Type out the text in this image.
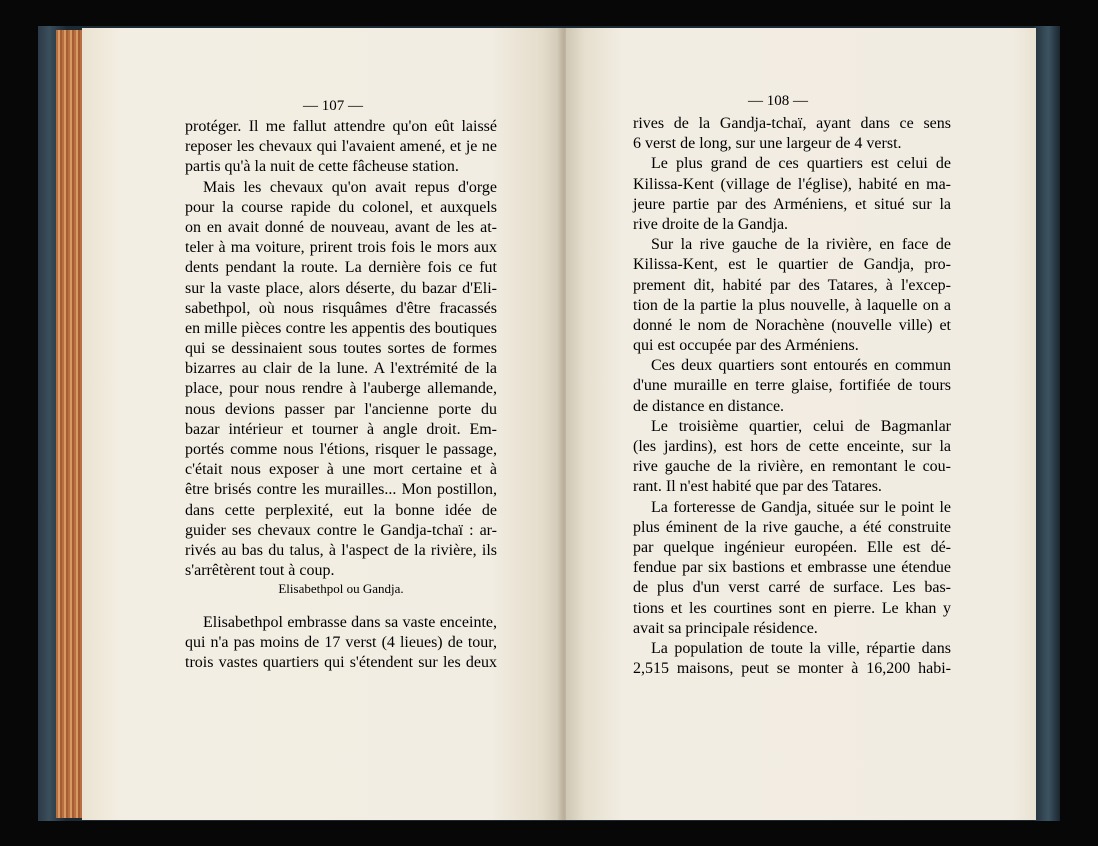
— 107 —
protéger. Il me fallut attendre qu'on eût laissé
reposer les chevaux qui l'avaient amené, et je ne
partis qu'à la nuit de cette fâcheuse station.
Mais les chevaux qu'on avait repus d'orge
pour la course rapide du colonel, et auxquels
on en avait donné de nouveau, avant de les at-
teler à ma voiture, prirent trois fois le mors aux
dents pendant la route. La dernière fois ce fut
sur la vaste place, alors déserte, du bazar d'Eli-
sabethpol, où nous risquâmes d'être fracassés
en mille pièces contre les appentis des boutiques
qui se dessinaient sous toutes sortes de formes
bizarres au clair de la lune. A l'extrémité de la
place, pour nous rendre à l'auberge allemande,
nous devions passer par l'ancienne porte du
bazar intérieur et tourner à angle droit. Em-
portés comme nous l'étions, risquer le passage,
c'était nous exposer à une mort certaine et à
être brisés contre les murailles... Mon postillon,
dans cette perplexité, eut la bonne idée de
guider ses chevaux contre le Gandja-tchaï : ar-
rivés au bas du talus, à l'aspect de la rivière, ils
s'arrêtèrent tout à coup.
Elisabethpol ou Gandja.
Elisabethpol embrasse dans sa vaste enceinte,
qui n'a pas moins de 17 verst (4 lieues) de tour,
trois vastes quartiers qui s'étendent sur les deux
— 108 —
rives de la Gandja-tchaï, ayant dans ce sens
6 verst de long, sur une largeur de 4 verst.
Le plus grand de ces quartiers est celui de
Kilissa-Kent (village de l'église), habité en ma-
jeure partie par des Arméniens, et situé sur la
rive droite de la Gandja.
Sur la rive gauche de la rivière, en face de
Kilissa-Kent, est le quartier de Gandja, pro-
prement dit, habité par des Tatares, à l'excep-
tion de la partie la plus nouvelle, à laquelle on a
donné le nom de Norachène (nouvelle ville) et
qui est occupée par des Arméniens.
Ces deux quartiers sont entourés en commun
d'une muraille en terre glaise, fortifiée de tours
de distance en distance.
Le troisième quartier, celui de Bagmanlar
(les jardins), est hors de cette enceinte, sur la
rive gauche de la rivière, en remontant le cou-
rant. Il n'est habité que par des Tatares.
La forteresse de Gandja, située sur le point le
plus éminent de la rive gauche, a été construite
par quelque ingénieur européen. Elle est dé-
fendue par six bastions et embrasse une étendue
de plus d'un verst carré de surface. Les bas-
tions et les courtines sont en pierre. Le khan y
avait sa principale résidence.
La population de toute la ville, répartie dans
2,515 maisons, peut se monter à 16,200 habi-
